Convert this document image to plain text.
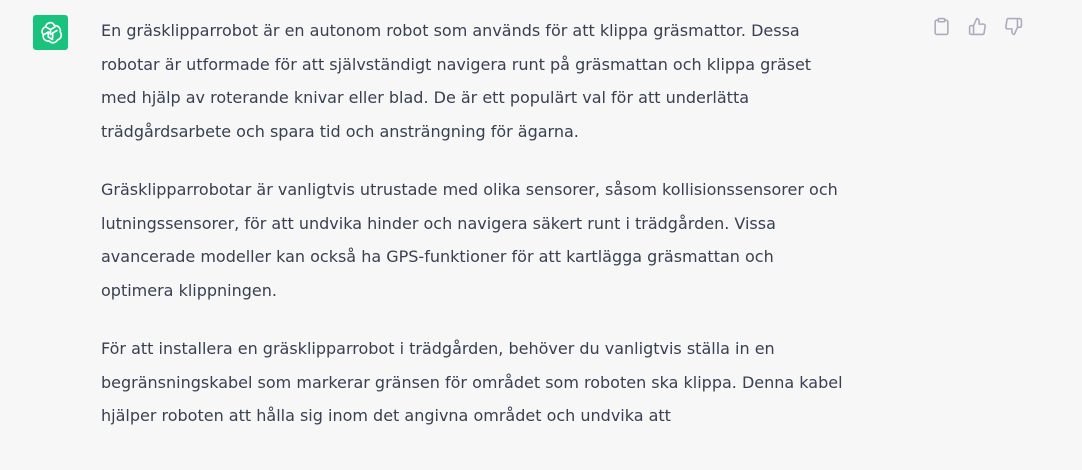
En gräsklipparrobot är en autonom robot som används för att klippa gräsmattor. Dessa
robotar är utformade för att självständigt navigera runt på gräsmattan och klippa gräset
med hjälp av roterande knivar eller blad. De är ett populärt val för att underlätta
trädgårdsarbete och spara tid och ansträngning för ägarna.

Gräsklipparrobotar är vanligtvis utrustade med olika sensorer, såsom kollisionssensorer och
lutningssensorer, för att undvika hinder och navigera säkert runt i trädgården. Vissa
avancerade modeller kan också ha GPS-funktioner för att kartlägga gräsmattan och
optimera klippningen.

För att installera en gräsklipparrobot i trädgården, behöver du vanligtvis ställa in en
begränsningskabel som markerar gränsen för området som roboten ska klippa. Denna kabel
hjälper roboten att hålla sig inom det angivna området och undvika att
